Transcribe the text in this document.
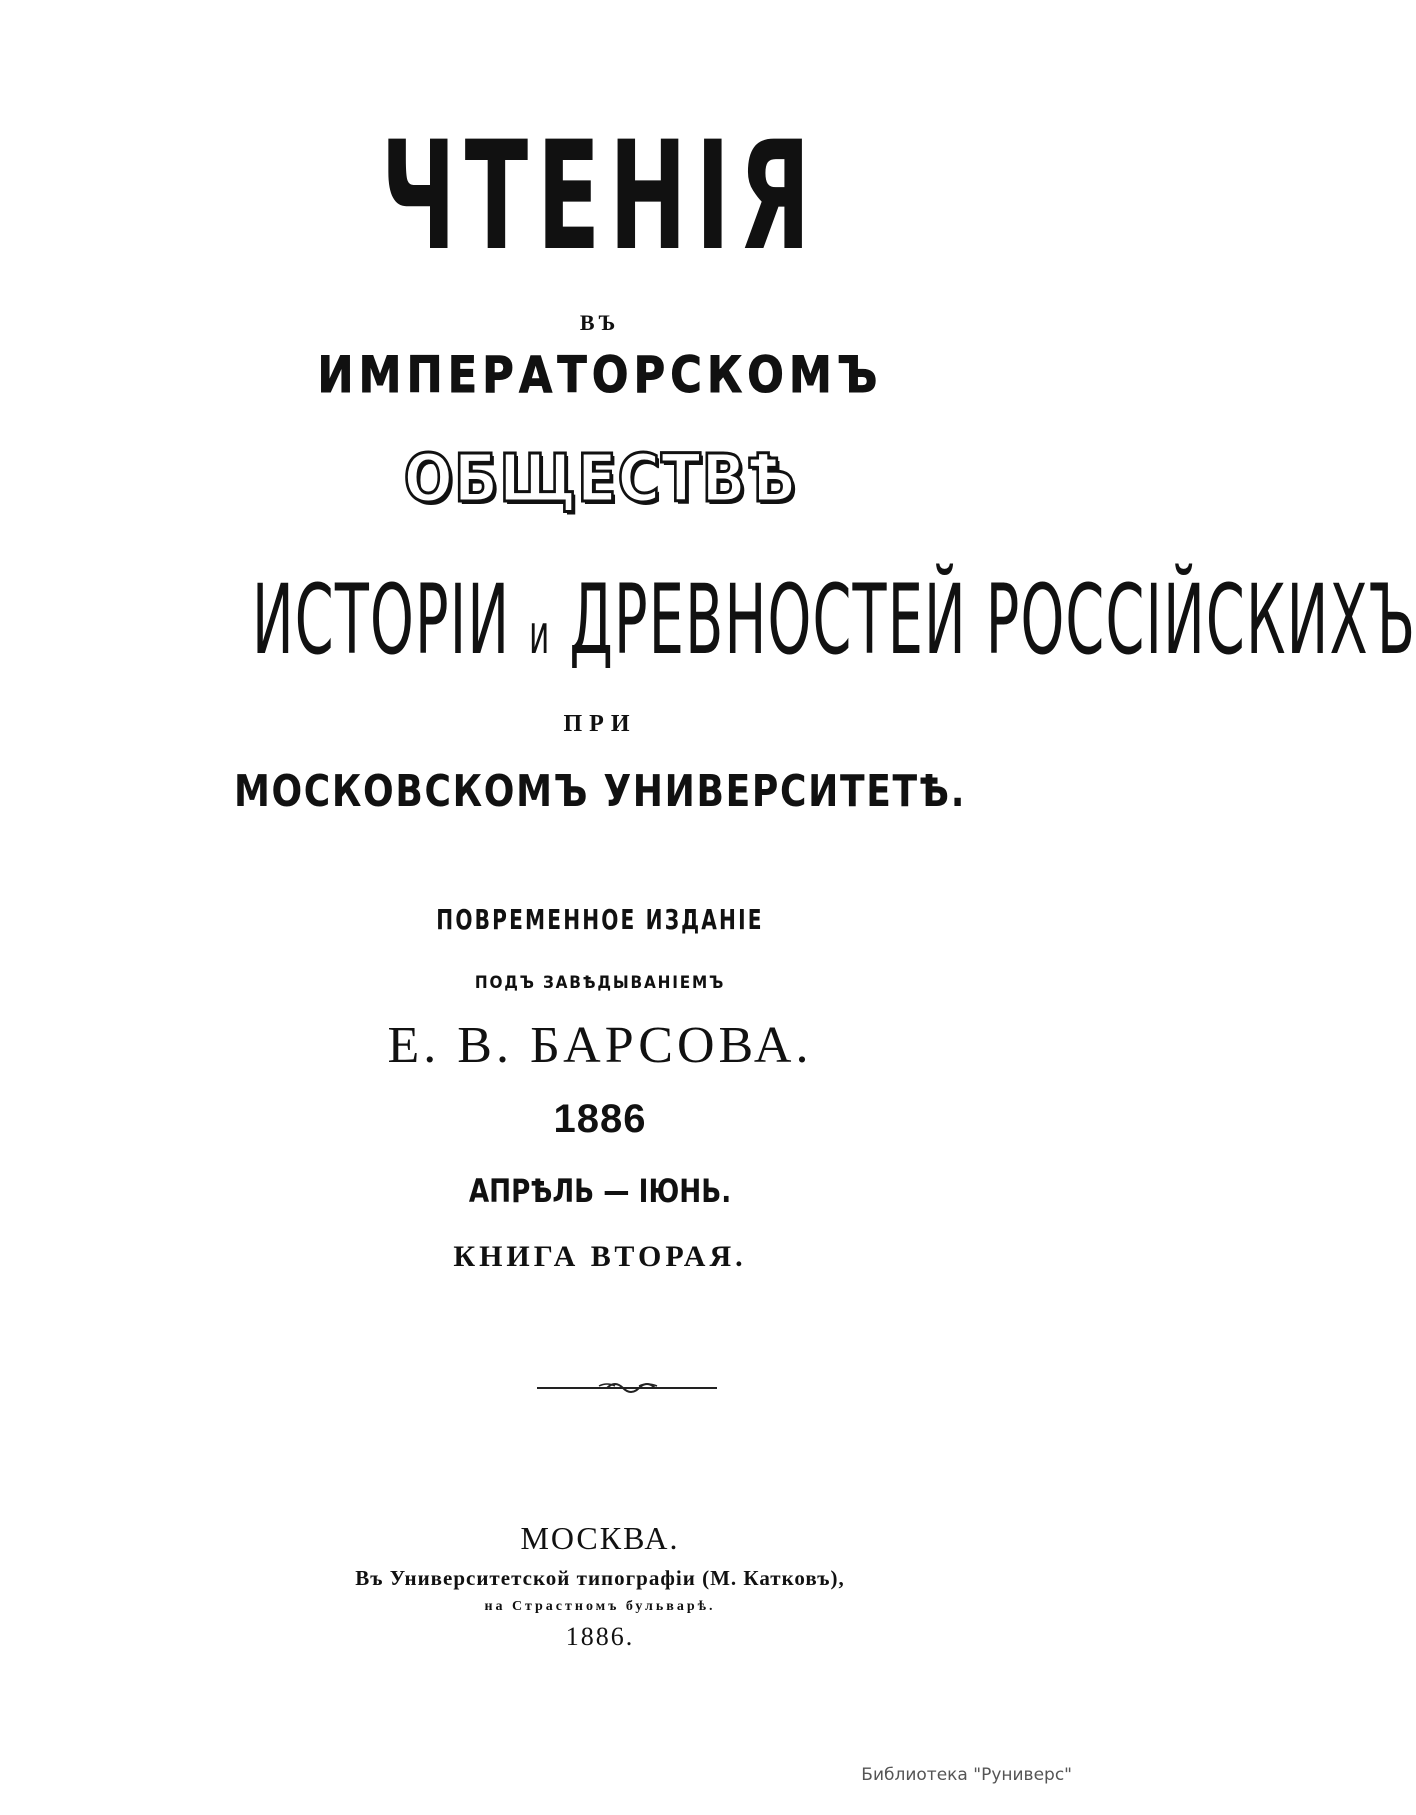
ЧТЕНІЯ
ВЪ
ИМПЕРАТОРСКОМЪ
ОБЩЕСТВѢ
ИСТОРІИ и ДРЕВНОСТЕЙ РОССІЙСКИХЪ
ПРИ
МОСКОВСКОМЪ УНИВЕРСИТЕТѢ.
ПОВРЕМЕННОЕ ИЗДАНІЕ
ПОДЪ ЗАВѢДЫВАНІЕМЪ
Е. В. БАРСОВА.
1886
АПРѢЛЬ — ІЮНЬ.
КНИГА ВТОРАЯ.
МОСКВА.
Въ Университетской типографіи (М. Катковъ),
на Страстномъ бульварѣ.
1886.
Библиотека "Руниверс"
